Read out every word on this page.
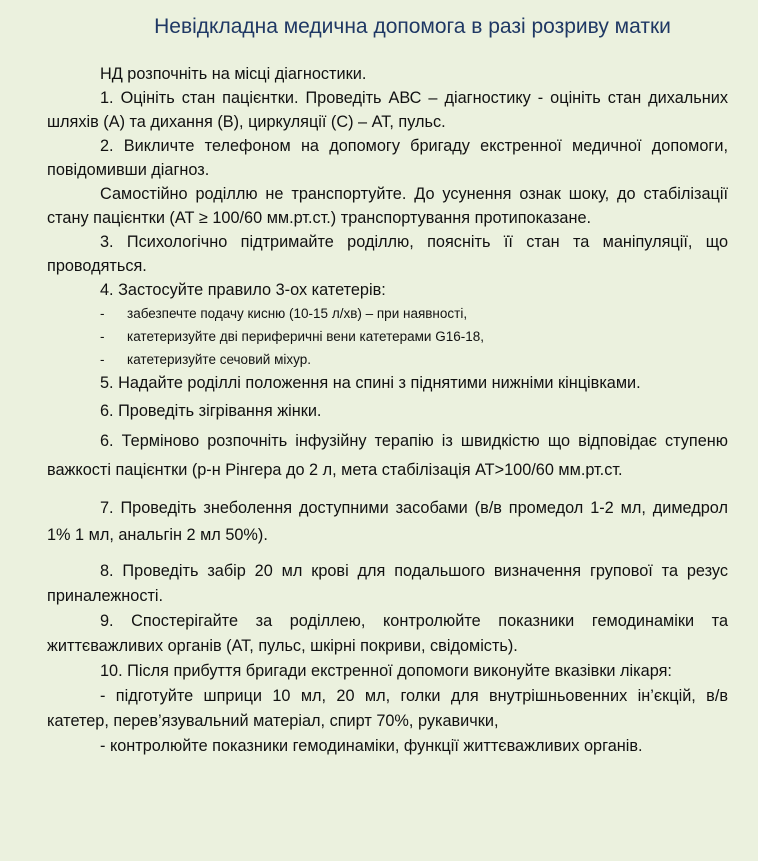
Невідкладна медична допомога в разі розриву матки

НД розпочніть на місці діагностики.

1. Оцініть стан пацієнтки. Проведіть АВС – діагностику - оцініть стан дихальних шляхів (А) та дихання (В), циркуляції (С) – АТ, пульс.

2. Викличте телефоном на допомогу бригаду екстренної медичної допомоги, повідомивши діагноз.

Самостійно роділлю не транспортуйте. До усунення ознак шоку, до стабілізації стану пацієнтки (АТ ≥ 100/60 мм.рт.ст.) транспортування протипоказане.

3. Психологічно підтримайте роділлю, поясніть її стан та маніпуляції, що проводяться.

4. Застосуйте правило 3-ох катетерів:

- забезпечте подачу кисню (10-15 л/хв) – при наявності,
- катетеризуйте дві периферичні вени катетерами G16-18,
- катетеризуйте сечовий міхур.

5. Надайте роділлі положення на спині з піднятими нижніми кінцівками.

6. Проведіть зігрівання жінки.

6. Терміново розпочніть інфузійну терапію із швидкістю що відповідає ступеню важкості пацієнтки (р-н Рінгера до 2 л, мета стабілізація АТ>100/60 мм.рт.ст.

7. Проведіть знеболення доступними засобами (в/в промедол 1-2 мл, димедрол 1% 1 мл, анальгін 2 мл 50%).

8. Проведіть забір 20 мл крові для подальшого визначення групової та резус приналежності.

9. Спостерігайте за роділлею, контролюйте показники гемодинаміки та життєважливих органів (АТ, пульс, шкірні покриви, свідомість).

10. Після прибуття бригади екстренної допомоги виконуйте вказівки лікаря:

- підготуйте шприци 10 мл, 20 мл, голки для внутрішньовенних ін’єкцій, в/в катетер, перев’язувальний матеріал, спирт 70%, рукавички,

- контролюйте показники гемодинаміки, функції життєважливих органів.
